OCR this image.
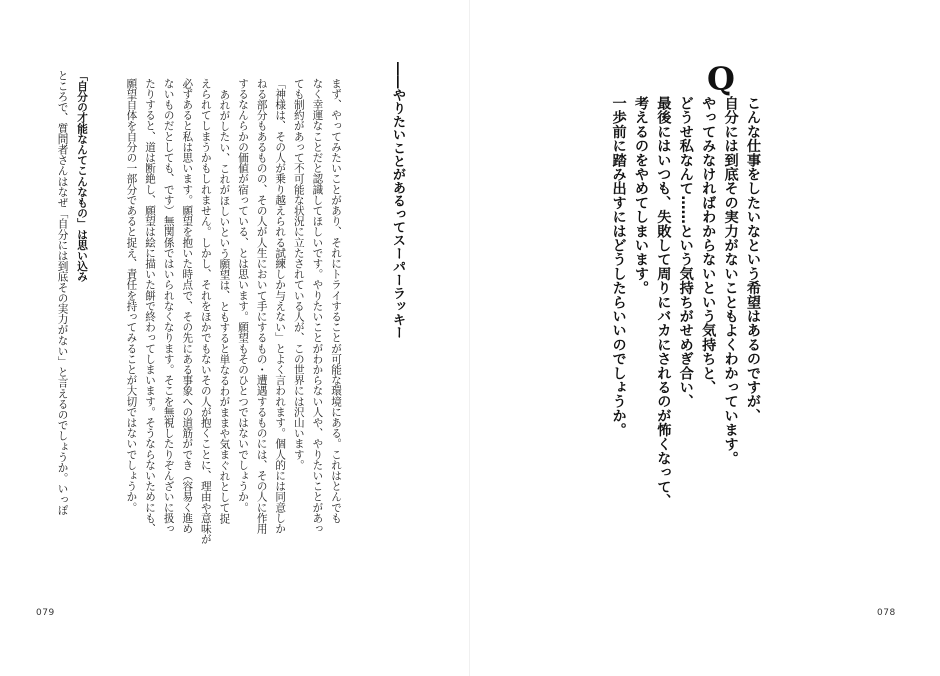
Q
こんな仕事をしたいなという希望はあるのですが、
自分には到底その実力がないこともよくわかっています。
やってみなければわからないという気持ちと、
どうせ私なんて……という気持ちがせめぎ合い、
最後にはいつも、失敗して周りにバカにされるのが怖くなって、
考えるのをやめてしまいます。
一歩前に踏み出すにはどうしたらいいのでしょうか。
078
――やりたいことがあるってスーパーラッキー
まず、やってみたいことがあり、それにトライすることが可能な環境にある。これはとんでも
なく幸運なことだと認識してほしいです。やりたいことがわからない人や、やりたいことがあっ
ても制約があって不可能な状況に立たされている人が、この世界には沢山います。
「神様は、その人が乗り越えられる試練しか与えない」とよく言われます。個人的には同意しか
ねる部分もあるものの、その人が人生において手にするもの・遭遇するものには、その人に作用
するなんらかの価値が宿っている、とは思います。願望もそのひとつではないでしょうか。
あれがしたい、これがほしいという願望は、ともすると単なるわがままや気まぐれとして捉
えられてしまうかもしれません。しかし、それをほかでもないその人が抱くことに、理由や意味が
必ずあると私は思います。願望を抱いた時点で、その先にある事象への道筋ができ（容易く進め
ないものだとしても、です）無関係ではいられなくなります。そこを無視したりぞんざいに扱っ
たりすると、道は断絶し、願望は絵に描いた餅で終わってしまいます。そうならないためにも、
願望自体を自分の一部分であると捉え、責任を持ってみることが大切ではないでしょうか。
「自分の才能なんてこんなもの」は思い込み
ところで、質問者さんはなぜ「自分には到底その実力がない」と言えるのでしょうか。いっぽ
079
